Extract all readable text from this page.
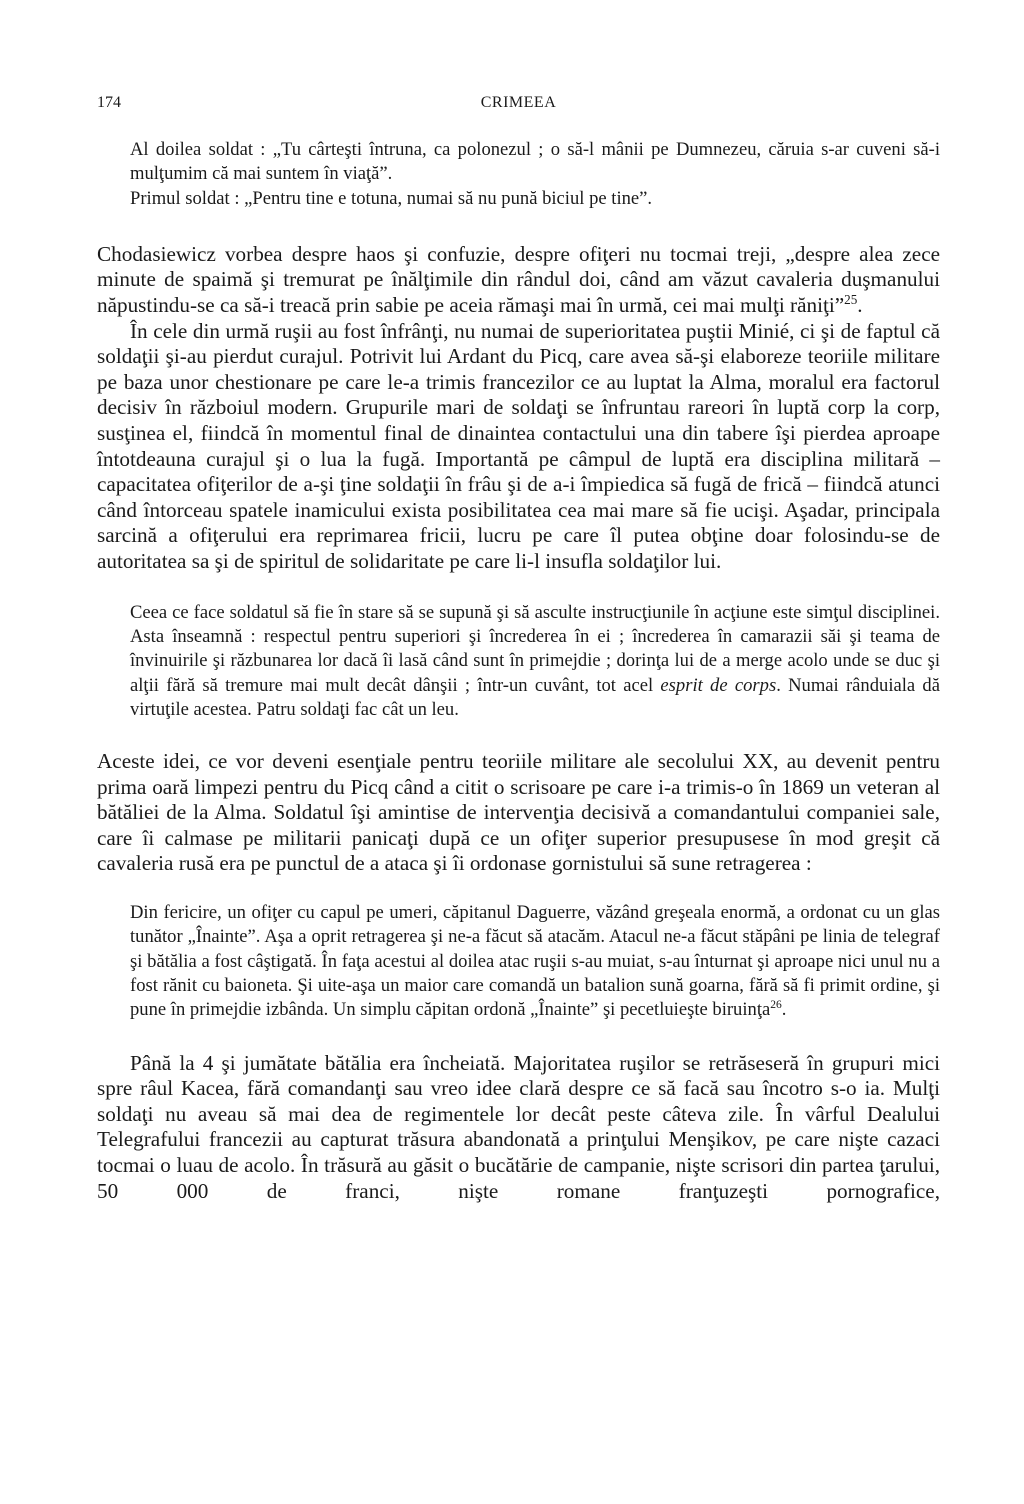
174	CRIMEEA

Al doilea soldat : „Tu cârteşti întruna, ca polonezul ; o să-l mânii pe Dumnezeu, căruia s-ar cuveni să-i mulţumim că mai suntem în viaţă”.

Primul soldat : „Pentru tine e totuna, numai să nu pună biciul pe tine”.

Chodasiewicz vorbea despre haos şi confuzie, despre ofiţeri nu tocmai treji, „despre alea zece minute de spaimă şi tremurat pe înălţimile din rândul doi, când am văzut cavaleria duşmanului năpustindu-se ca să-i treacă prin sabie pe aceia rămaşi mai în urmă, cei mai mulţi răniţi”$^{25}$.

În cele din urmă ruşii au fost înfrânţi, nu numai de superioritatea puştii Minié, ci şi de faptul că soldaţii şi-au pierdut curajul. Potrivit lui Ardant du Picq, care avea să-şi elaboreze teoriile militare pe baza unor chestionare pe care le-a trimis francezilor ce au luptat la Alma, moralul era factorul decisiv în războiul modern. Grupurile mari de soldaţi se înfruntau rareori în luptă corp la corp, susţinea el, fiindcă în momentul final de dinaintea contactului una din tabere îşi pierdea aproape întotdeauna curajul şi o lua la fugă. Importantă pe câmpul de luptă era disciplina militară – capacitatea ofiţerilor de a-şi ţine soldaţii în frâu şi de a-i împiedica să fugă de frică – fiindcă atunci când întorceau spatele inamicului exista posibilitatea cea mai mare să fie ucişi. Aşadar, principala sarcină a ofiţerului era reprimarea fricii, lucru pe care îl putea obţine doar folosindu-se de autoritatea sa şi de spiritul de solidaritate pe care li-l insufla soldaţilor lui.

Ceea ce face soldatul să fie în stare să se supună şi să asculte instrucţiunile în acţiune este simţul disciplinei. Asta înseamnă : respectul pentru superiori şi încrederea în ei ; încrederea în camarazii săi şi teama de învinuirile şi răzbunarea lor dacă îi lasă când sunt în primejdie ; dorinţa lui de a merge acolo unde se duc şi alţii fără să tremure mai mult decât dânşii ; într-un cuvânt, tot acel esprit de corps. Numai rânduiala dă virtuţile acestea. Patru soldaţi fac cât un leu.

Aceste idei, ce vor deveni esenţiale pentru teoriile militare ale secolului XX, au devenit pentru prima oară limpezi pentru du Picq când a citit o scrisoare pe care i-a trimis-o în 1869 un veteran al bătăliei de la Alma. Soldatul îşi amintise de intervenţia decisivă a comandantului companiei sale, care îi calmase pe militarii panicaţi după ce un ofiţer superior presupusese în mod greşit că cavaleria rusă era pe punctul de a ataca şi îi ordonase gornistului să sune retragerea :

Din fericire, un ofiţer cu capul pe umeri, căpitanul Daguerre, văzând greşeala enormă, a ordonat cu un glas tunător „Înainte”. Aşa a oprit retragerea şi ne-a făcut să atacăm. Atacul ne-a făcut stăpâni pe linia de telegraf şi bătălia a fost câştigată. În faţa acestui al doilea atac ruşii s-au muiat, s-au înturnat şi aproape nici unul nu a fost rănit cu baioneta. Şi uite-aşa un maior care comandă un batalion sună goarna, fără să fi primit ordine, şi pune în primejdie izbânda. Un simplu căpitan ordonă „Înainte” şi pecetluieşte biruinţa$^{26}$.

Până la 4 şi jumătate bătălia era încheiată. Majoritatea ruşilor se retrăseseră în grupuri mici spre râul Kacea, fără comandanţi sau vreo idee clară despre ce să facă sau încotro s-o ia. Mulţi soldaţi nu aveau să mai dea de regimentele lor decât peste câteva zile. În vârful Dealului Telegrafului francezii au capturat trăsura abandonată a prinţului Menşikov, pe care nişte cazaci tocmai o luau de acolo. În trăsură au găsit o bucătărie de campanie, nişte scrisori din partea ţarului, 50 000 de franci, nişte romane franţuzeşti pornografice,
